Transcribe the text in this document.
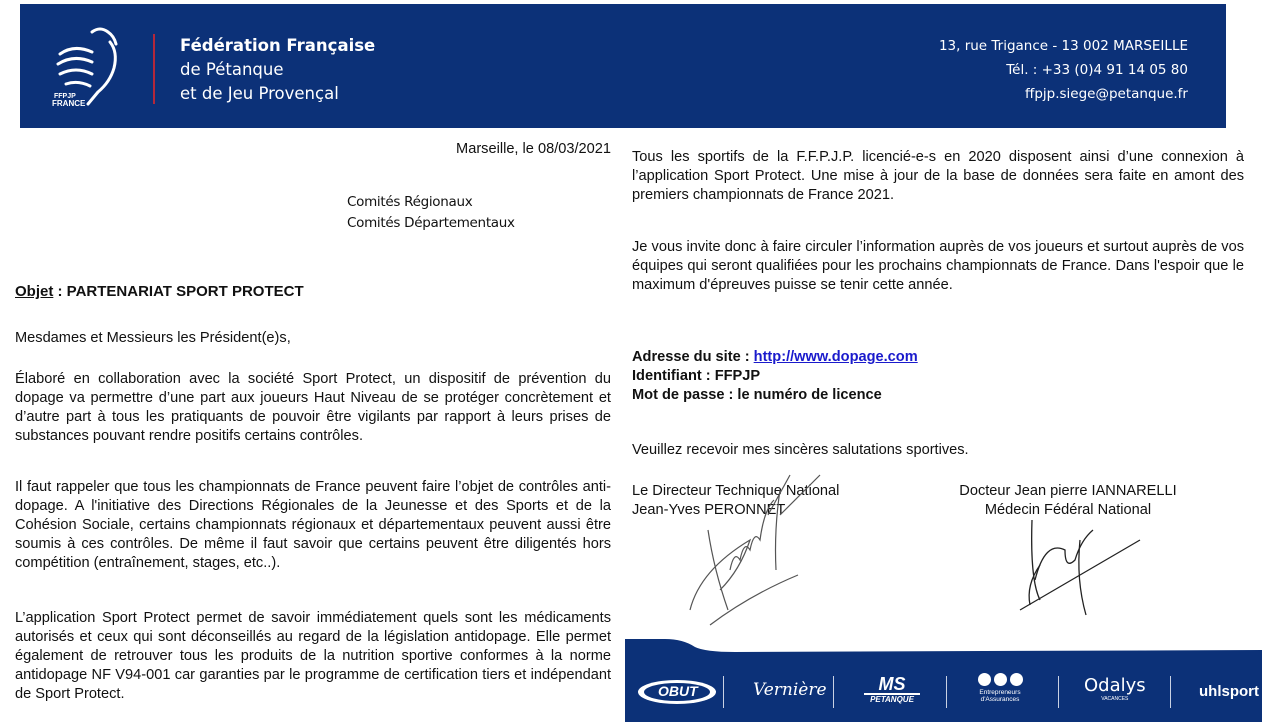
FFPJP
FRANCE
Fédération Française
de Pétanque
et de Jeu Provençal
13, rue Trigance - 13 002 MARSEILLE
Tél. : +33 (0)4 91 14 05 80
ffpjp.siege@petanque.fr
Marseille, le 08/03/2021
Comités Régionaux
Comités Départementaux
Objet : PARTENARIAT SPORT PROTECT

Mesdames et Messieurs les Président(e)s,

Élaboré en collaboration avec la société Sport Protect, un dispositif de prévention du dopage va permettre d’une part aux joueurs Haut Niveau de se protéger concrètement et d’autre part à tous les pratiquants de pouvoir être vigilants par rapport à leurs prises de substances pouvant rendre positifs certains contrôles.

Il faut rappeler que tous les championnats de France peuvent faire l’objet de contrôles anti-dopage. A l'initiative des Directions Régionales de la Jeunesse et des Sports et de la Cohésion Sociale, certains championnats régionaux et départementaux peuvent aussi être soumis à ces contrôles. De même il faut savoir que certains peuvent être diligentés hors compétition (entraînement, stages, etc..).

L’application Sport Protect permet de savoir immédiatement quels sont les médicaments autorisés et ceux qui sont déconseillés au regard de la législation antidopage. Elle permet également de retrouver tous les produits de la nutrition sportive conformes à la norme antidopage NF V94-001 car garanties par le programme de certification tiers et indépendant de Sport Protect.

Tous les sportifs de la F.F.P.J.P. licencié-e-s en 2020 disposent ainsi d’une connexion à l’application Sport Protect. Une mise à jour de la base de données sera faite en amont des premiers championnats de France 2021.

Je vous invite donc à faire circuler l’information auprès de vos joueurs et surtout auprès de vos équipes qui seront qualifiées pour les prochains championnats de France. Dans l'espoir que le maximum d'épreuves puisse se tenir cette année.

Adresse du site : http://www.dopage.com
Identifiant : FFPJP
Mot de passe : le numéro de licence

Veuillez recevoir mes sincères salutations sportives.

Le Directeur Technique National
Jean-Yves PERONNET
Docteur Jean pierre IANNARELLI
Médecin Fédéral National
OBUT	Vernière	MS
PETANQUE
Entrepreneurs
d'Assurances
Odalys
VACANCES	uhlsport
